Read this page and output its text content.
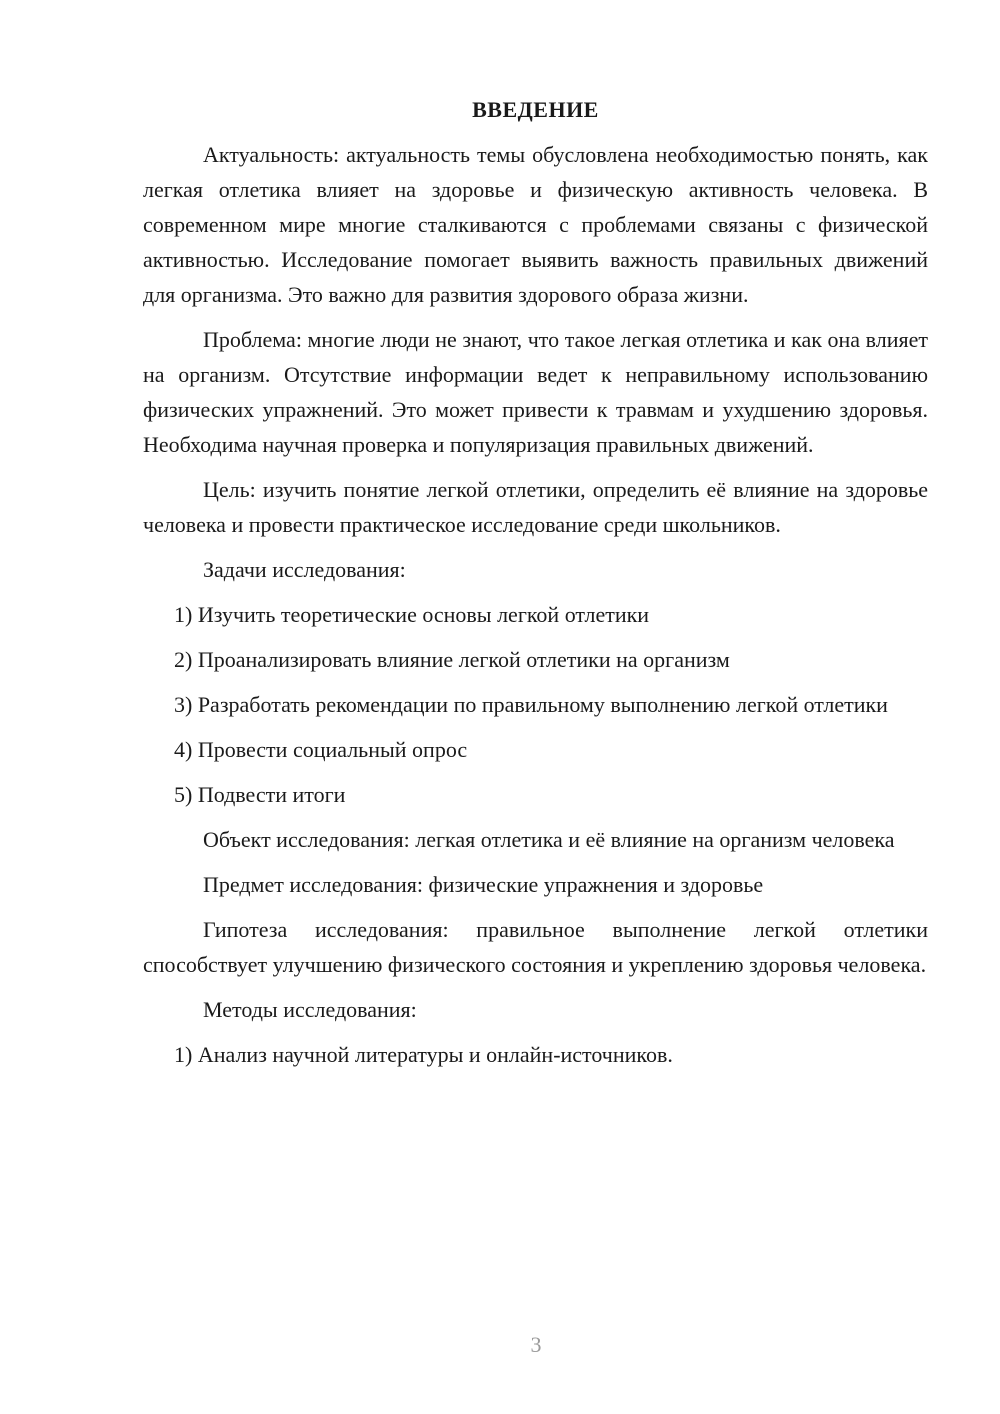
ВВЕДЕНИЕ

Актуальность: актуальность темы обусловлена необходимостью понять, как легкая отлетика влияет на здоровье и физическую активность человека. В современном мире многие сталкиваются с проблемами связаны с физической активностью. Исследование помогает выявить важность правильных движений для организма. Это важно для развития здорового образа жизни.

Проблема: многие люди не знают, что такое легкая отлетика и как она влияет на организм. Отсутствие информации ведет к неправильному использованию физических упражнений. Это может привести к травмам и ухудшению здоровья. Необходима научная проверка и популяризация правильных движений.

Цель: изучить понятие легкой отлетики, определить её влияние на здоровье человека и провести практическое исследование среди школьников.

Задачи исследования:

1) Изучить теоретические основы легкой отлетики

2) Проанализировать влияние легкой отлетики на организм

3) Разработать рекомендации по правильному выполнению легкой отлетики

4) Провести социальный опрос

5) Подвести итоги

Объект исследования: легкая отлетика и её влияние на организм человека

Предмет исследования: физические упражнения и здоровье

Гипотеза исследования: правильное выполнение легкой отлетики способствует улучшению физического состояния и укреплению здоровья человека.

Методы исследования:

1) Анализ научной литературы и онлайн-источников.

3
